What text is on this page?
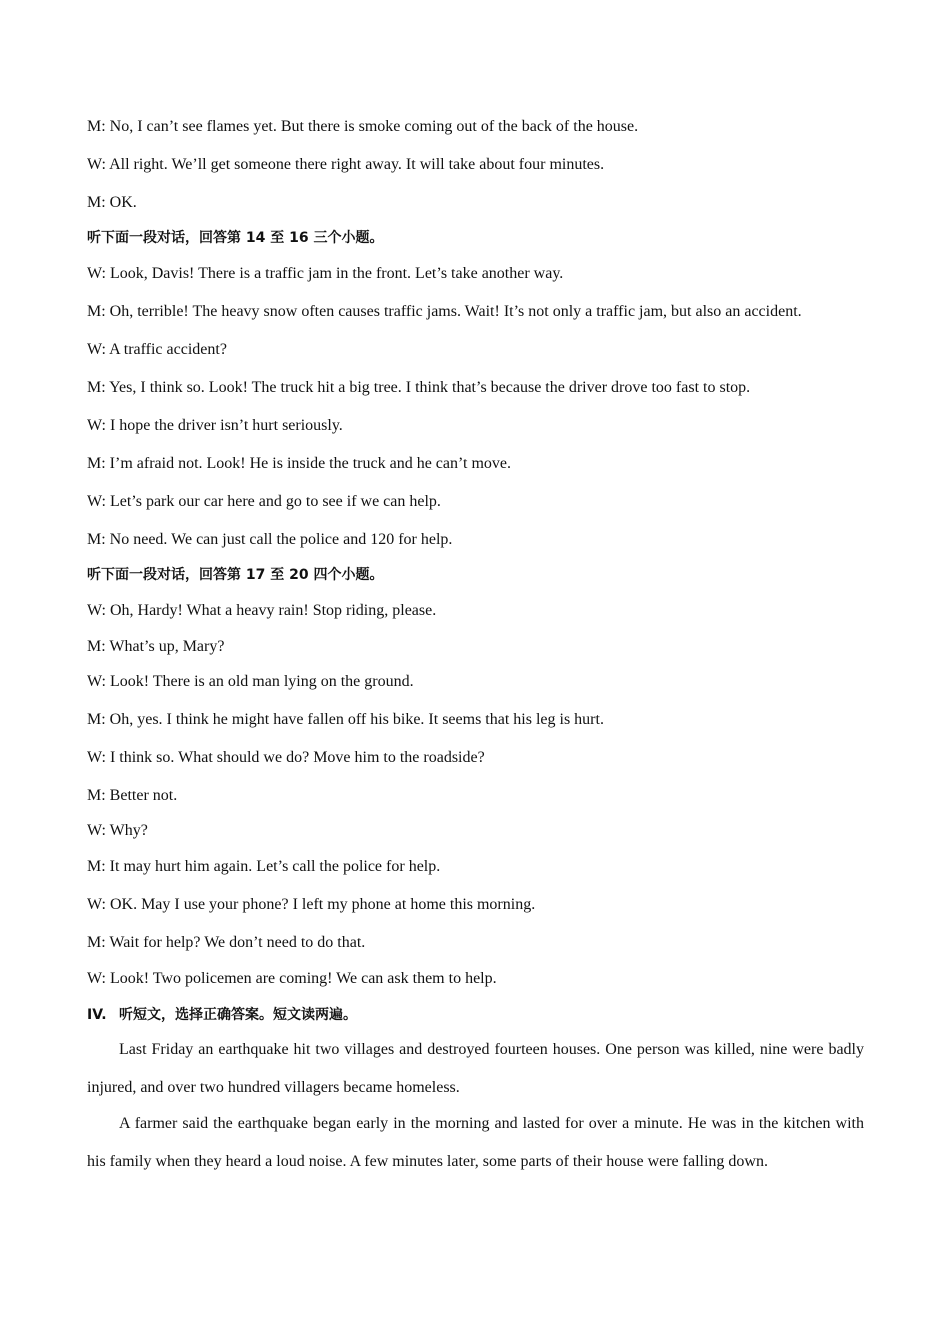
M: No, I can’t see flames yet. But there is smoke coming out of the back of the house.
W: All right. We’ll get someone there right away. It will take about four minutes.
M: OK.
听下面一段对话，回答第 14 至 16 三个小题。
W: Look, Davis! There is a traffic jam in the front. Let’s take another way.
M: Oh, terrible! The heavy snow often causes traffic jams. Wait! It’s not only a traffic jam, but also an accident.
W: A traffic accident?
M: Yes, I think so. Look! The truck hit a big tree. I think that’s because the driver drove too fast to stop.
W: I hope the driver isn’t hurt seriously.
M: I’m afraid not. Look! He is inside the truck and he can’t move.
W: Let’s park our car here and go to see if we can help.
M: No need. We can just call the police and 120 for help.
听下面一段对话，回答第 17 至 20 四个小题。
W: Oh, Hardy! What a heavy rain! Stop riding, please.
M: What’s up, Mary?
W: Look! There is an old man lying on the ground.
M: Oh, yes. I think he might have fallen off his bike. It seems that his leg is hurt.
W: I think so. What should we do? Move him to the roadside?
M: Better not.
W: Why?
M: It may hurt him again. Let’s call the police for help.
W: OK. May I use your phone? I left my phone at home this morning.
M: Wait for help? We don’t need to do that.
W: Look! Two policemen are coming! We can ask them to help.
IV. 听短文，选择正确答案。短文读两遍。

Last Friday an earthquake hit two villages and destroyed fourteen houses. One person was killed, nine were badly injured, and over two hundred villagers became homeless.

A farmer said the earthquake began early in the morning and lasted for over a minute. He was in the kitchen with his family when they heard a loud noise. A few minutes later, some parts of their house were falling down.
